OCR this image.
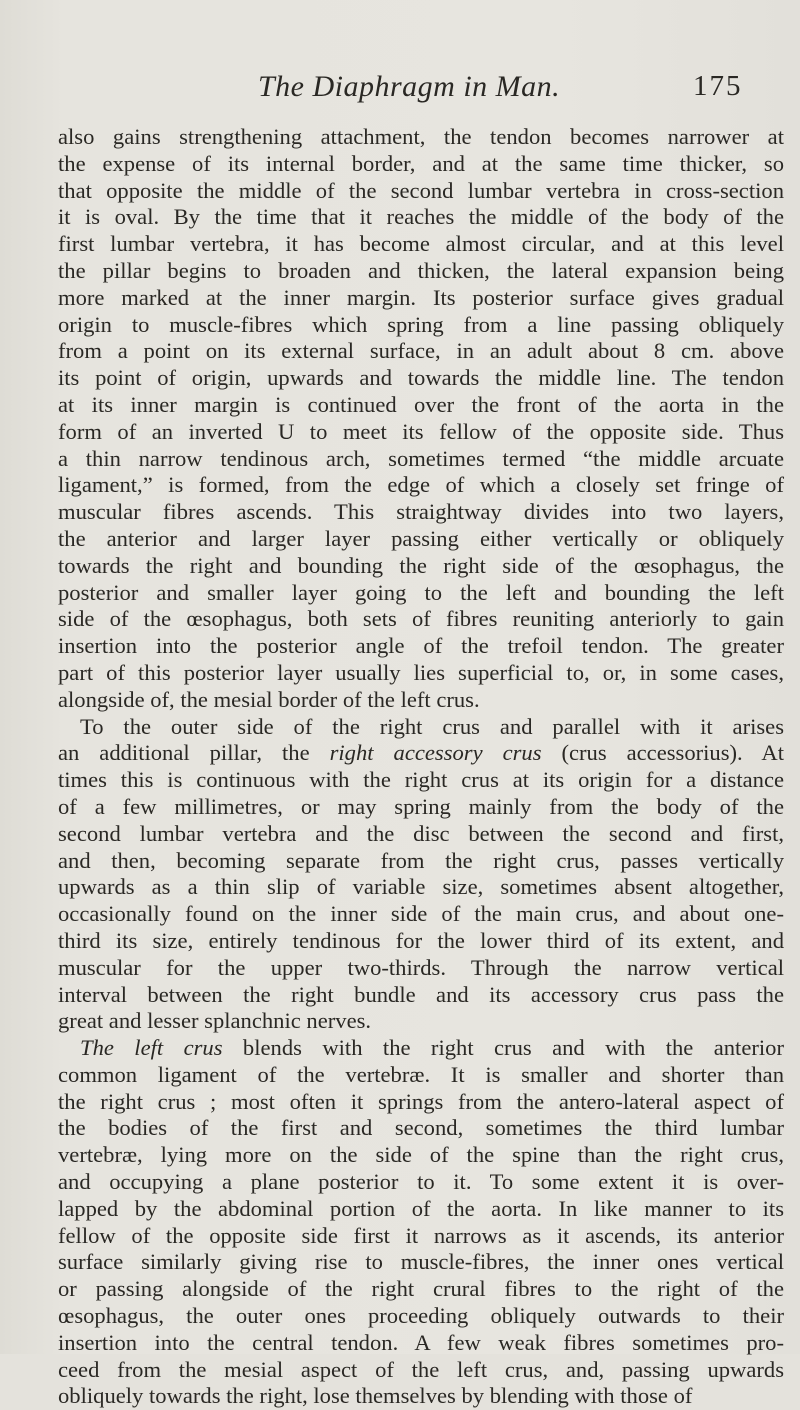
The Diaphragm in Man.	175
also gains strengthening attachment, the tendon becomes narrower at
the expense of its internal border, and at the same time thicker, so
that opposite the middle of the second lumbar vertebra in cross-section
it is oval. By the time that it reaches the middle of the body of the
first lumbar vertebra, it has become almost circular, and at this level
the pillar begins to broaden and thicken, the lateral expansion being
more marked at the inner margin. Its posterior surface gives gradual
origin to muscle-fibres which spring from a line passing obliquely
from a point on its external surface, in an adult about 8 cm. above
its point of origin, upwards and towards the middle line. The tendon
at its inner margin is continued over the front of the aorta in the
form of an inverted U to meet its fellow of the opposite side. Thus
a thin narrow tendinous arch, sometimes termed “the middle arcuate
ligament,” is formed, from the edge of which a closely set fringe of
muscular fibres ascends. This straightway divides into two layers,
the anterior and larger layer passing either vertically or obliquely
towards the right and bounding the right side of the œsophagus, the
posterior and smaller layer going to the left and bounding the left
side of the œsophagus, both sets of fibres reuniting anteriorly to gain
insertion into the posterior angle of the trefoil tendon. The greater
part of this posterior layer usually lies superficial to, or, in some cases,
alongside of, the mesial border of the left crus.
To the outer side of the right crus and parallel with it arises
an additional pillar, the right accessory crus (crus accessorius). At
times this is continuous with the right crus at its origin for a distance
of a few millimetres, or may spring mainly from the body of the
second lumbar vertebra and the disc between the second and first,
and then, becoming separate from the right crus, passes vertically
upwards as a thin slip of variable size, sometimes absent altogether,
occasionally found on the inner side of the main crus, and about one-
third its size, entirely tendinous for the lower third of its extent, and
muscular for the upper two-thirds. Through the narrow vertical
interval between the right bundle and its accessory crus pass the
great and lesser splanchnic nerves.
The left crus blends with the right crus and with the anterior
common ligament of the vertebræ. It is smaller and shorter than
the right crus ; most often it springs from the antero-lateral aspect of
the bodies of the first and second, sometimes the third lumbar
vertebræ, lying more on the side of the spine than the right crus,
and occupying a plane posterior to it. To some extent it is over-
lapped by the abdominal portion of the aorta. In like manner to its
fellow of the opposite side first it narrows as it ascends, its anterior
surface similarly giving rise to muscle-fibres, the inner ones vertical
or passing alongside of the right crural fibres to the right of the
œsophagus, the outer ones proceeding obliquely outwards to their
insertion into the central tendon. A few weak fibres sometimes pro-
ceed from the mesial aspect of the left crus, and, passing upwards
obliquely towards the right, lose themselves by blending with those of
